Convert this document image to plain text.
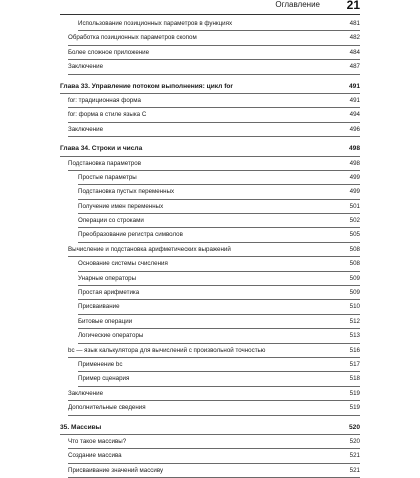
Оглавление 21
Использование позиционных параметров в функциях	481
Обработка позиционных параметров скопом	482
Более сложное приложение	484
Заключение	487
Глава 33. Управление потоком выполнения: цикл for	491
for: традиционная форма	491
for: форма в стиле языка C	494
Заключение	496
Глава 34. Строки и числа	498
Подстановка параметров	498
Простые параметры	499
Подстановка пустых переменных	499
Получение имен переменных	501
Операции со строками	502
Преобразование регистра символов	505
Вычисление и подстановка арифметических выражений	508
Основание системы счисления	508
Унарные операторы	509
Простая арифметика	509
Присваивание	510
Битовые операции	512
Логические операторы	513
bc — язык калькулятора для вычислений с произвольной точностью	516
Применение bc	517
Пример сценария	518
Заключение	519
Дополнительные сведения	519
35. Массивы	520
Что такое массивы?	520
Создание массива	521
Присваивание значений массиву	521
